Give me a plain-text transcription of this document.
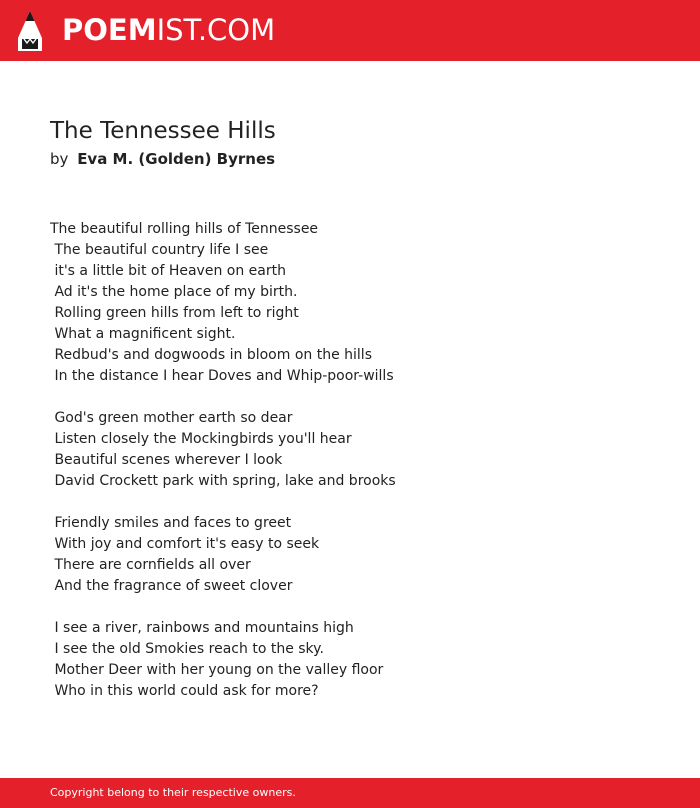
POEMIST.COM
The Tennessee Hills
by Eva M. (Golden) Byrnes
The beautiful rolling hills of Tennessee
The beautiful country life I see
it's a little bit of Heaven on earth
Ad it's the home place of my birth.
Rolling green hills from left to right
What a magnificent sight.
Redbud's and dogwoods in bloom on the hills
In the distance I hear Doves and Whip-poor-wills
God's green mother earth so dear
Listen closely the Mockingbirds you'll hear
Beautiful scenes wherever I look
David Crockett park with spring, lake and brooks
Friendly smiles and faces to greet
With joy and comfort it's easy to seek
There are cornfields all over
And the fragrance of sweet clover
I see a river, rainbows and mountains high
I see the old Smokies reach to the sky.
Mother Deer with her young on the valley floor
Who in this world could ask for more?
Copyright belong to their respective owners.
